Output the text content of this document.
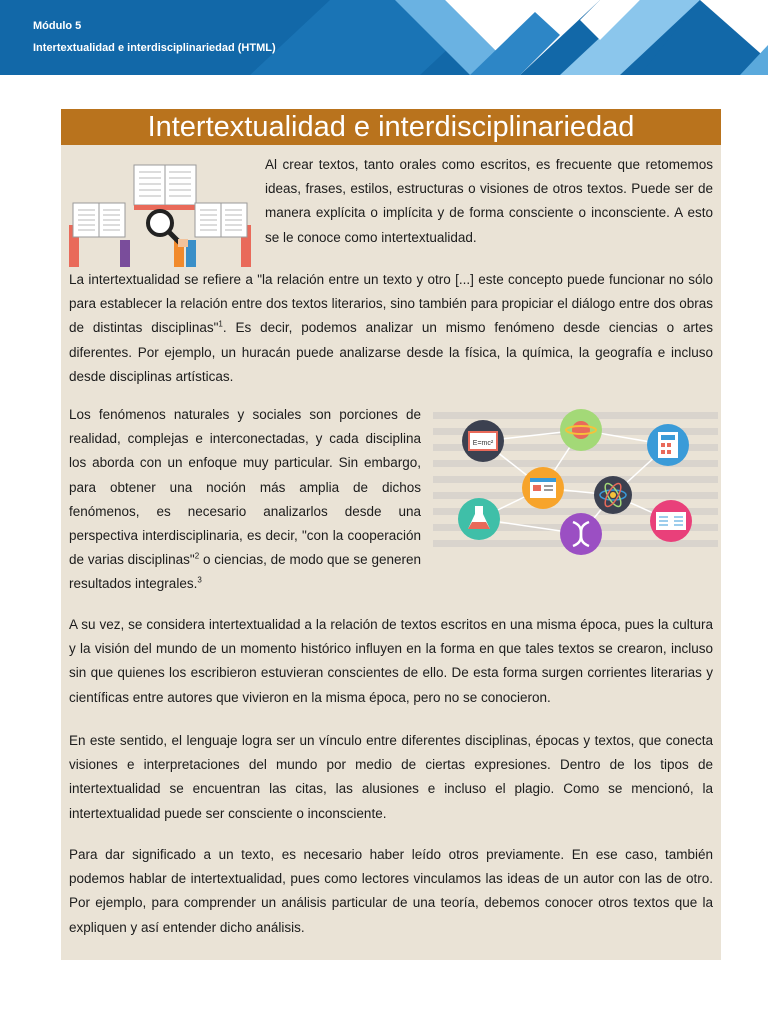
Módulo 5
Intertextualidad e interdisciplinariedad (HTML)
Intertextualidad e interdisciplinariedad
E=mc²

Al crear textos, tanto orales como escritos, es frecuente que retomemos ideas, frases, estilos, estructuras o visiones de otros textos. Puede ser de manera explícita o implícita y de forma consciente o inconsciente. A esto se le conoce como intertextualidad.

La intertextualidad se refiere a "la relación entre un texto y otro [...] este concepto puede funcionar no sólo para establecer la relación entre dos textos literarios, sino también para propiciar el diálogo entre dos obras de distintas disciplinas"$^1$. Es decir, podemos analizar un mismo fenómeno desde ciencias o artes diferentes. Por ejemplo, un huracán puede analizarse desde la física, la química, la geografía e incluso desde disciplinas artísticas.

Los fenómenos naturales y sociales son porciones de realidad, complejas e interconectadas, y cada disciplina los aborda con un enfoque muy particular. Sin embargo, para obtener una noción más amplia de dichos fenómenos, es necesario analizarlos desde una perspectiva interdisciplinaria, es decir, "con la cooperación de varias disciplinas"$^2$ o ciencias, de modo que se generen resultados integrales.$^3$

A su vez, se considera intertextualidad a la relación de textos escritos en una misma época, pues la cultura y la visión del mundo de un momento histórico influyen en la forma en que tales textos se crearon, incluso sin que quienes los escribieron estuvieran conscientes de ello. De esta forma surgen corrientes literarias y científicas entre autores que vivieron en la misma época, pero no se conocieron.

En este sentido, el lenguaje logra ser un vínculo entre diferentes disciplinas, épocas y textos, que conecta visiones e interpretaciones del mundo por medio de ciertas expresiones. Dentro de los tipos de intertextualidad se encuentran las citas, las alusiones e incluso el plagio. Como se mencionó, la intertextualidad puede ser consciente o inconsciente.

Para dar significado a un texto, es necesario haber leído otros previamente. En ese caso, también podemos hablar de intertextualidad, pues como lectores vinculamos las ideas de un autor con las de otro. Por ejemplo, para comprender un análisis particular de una teoría, debemos conocer otros textos que la expliquen y así entender dicho análisis.
